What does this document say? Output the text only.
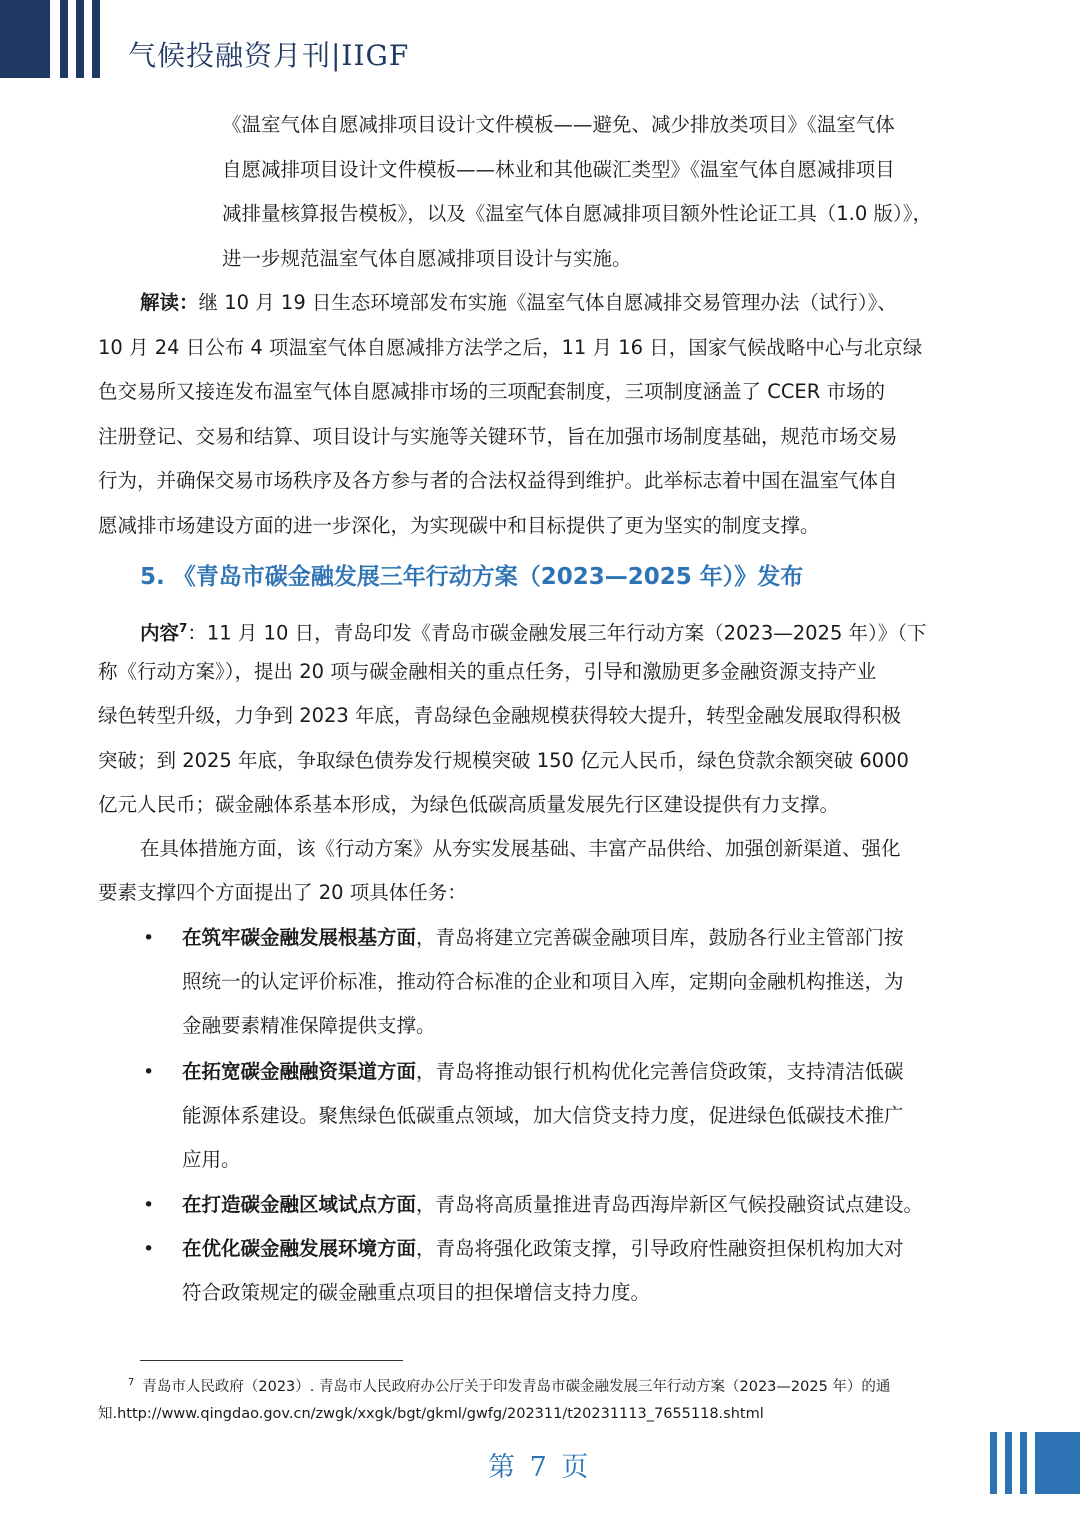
气候投融资月刊|IIGF
《温室气体自愿减排项目设计文件模板——避免、减少排放类项目》《温室气体
自愿减排项目设计文件模板——林业和其他碳汇类型》《温室气体自愿减排项目
减排量核算报告模板》，以及《温室气体自愿减排项目额外性论证工具（1.0 版）》，
进一步规范温室气体自愿减排项目设计与实施。
解读：继 10 月 19 日生态环境部发布实施《温室气体自愿减排交易管理办法（试行）》、
10 月 24 日公布 4 项温室气体自愿减排方法学之后，11 月 16 日，国家气候战略中心与北京绿
色交易所又接连发布温室气体自愿减排市场的三项配套制度，三项制度涵盖了 CCER 市场的
注册登记、交易和结算、项目设计与实施等关键环节，旨在加强市场制度基础，规范市场交易
行为，并确保交易市场秩序及各方参与者的合法权益得到维护。此举标志着中国在温室气体自
愿减排市场建设方面的进一步深化，为实现碳中和目标提供了更为坚实的制度支撑。
5. 《青岛市碳金融发展三年行动方案（2023—2025 年）》发布
内容$^7$：11 月 10 日，青岛印发《青岛市碳金融发展三年行动方案（2023—2025 年）》（下
称《行动方案》），提出 20 项与碳金融相关的重点任务，引导和激励更多金融资源支持产业
绿色转型升级，力争到 2023 年底，青岛绿色金融规模获得较大提升，转型金融发展取得积极
突破；到 2025 年底，争取绿色债券发行规模突破 150 亿元人民币，绿色贷款余额突破 6000
亿元人民币；碳金融体系基本形成，为绿色低碳高质量发展先行区建设提供有力支撑。
在具体措施方面，该《行动方案》从夯实发展基础、丰富产品供给、加强创新渠道、强化
要素支撑四个方面提出了 20 项具体任务：
• 在筑牢碳金融发展根基方面，青岛将建立完善碳金融项目库，鼓励各行业主管部门按
照统一的认定评价标准，推动符合标准的企业和项目入库，定期向金融机构推送，为
金融要素精准保障提供支撑。
• 在拓宽碳金融融资渠道方面，青岛将推动银行机构优化完善信贷政策，支持清洁低碳
能源体系建设。聚焦绿色低碳重点领域，加大信贷支持力度，促进绿色低碳技术推广
应用。
• 在打造碳金融区域试点方面，青岛将高质量推进青岛西海岸新区气候投融资试点建设。
• 在优化碳金融发展环境方面，青岛将强化政策支撑，引导政府性融资担保机构加大对
符合政策规定的碳金融重点项目的担保增信支持力度。
$^7$ 青岛市人民政府（2023）. 青岛市人民政府办公厅关于印发青岛市碳金融发展三年行动方案（2023—2025 年）的通
知.http://www.qingdao.gov.cn/zwgk/xxgk/bgt/gkml/gwfg/202311/t20231113_7655118.shtml
第 7 页
